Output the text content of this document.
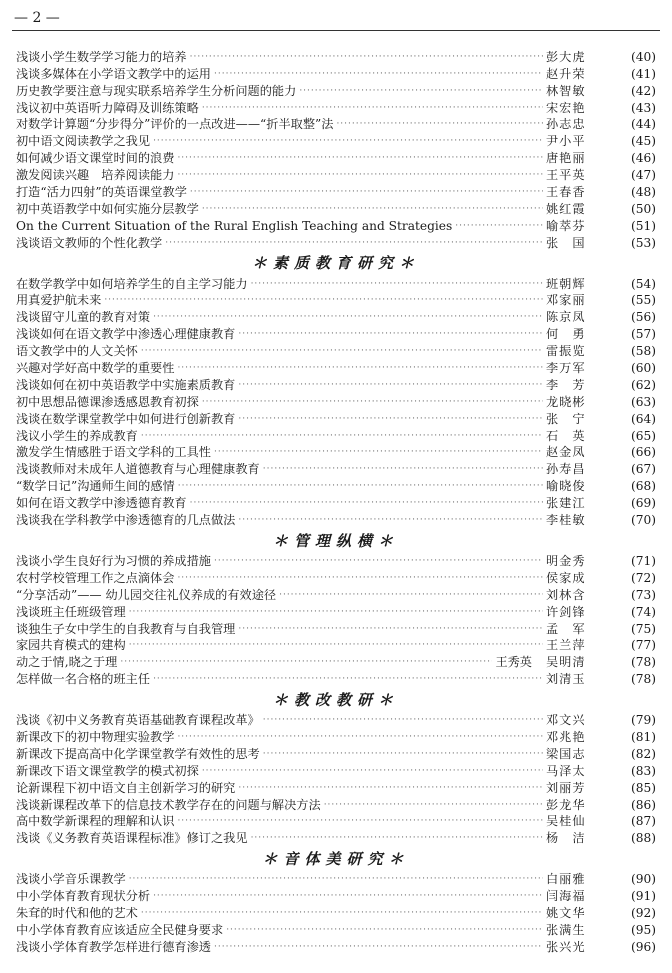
— 2 —
浅谈小学生数学学习能力的培养 ·····	彭大虎	(40)
浅谈多媒体在小学语文教学中的运用 ·····	赵升荣	(41)
历史教学要注意与现实联系培养学生分析问题的能力 ·····	林智敏	(42)
浅议初中英语听力障碍及训练策略 ·····	宋宏艳	(43)
对数学计算题“分步得分”评价的一点改进——“折半取整”法 ·····	孙志忠	(44)
初中语文阅读教学之我见 ·····	尹小平	(45)
如何减少语文课堂时间的浪费 ·····	唐艳丽	(46)
激发阅读兴趣　培养阅读能力 ·····	王平英	(47)
打造“活力四射”的英语课堂教学 ·····	王春香	(48)
初中英语教学中如何实施分层教学 ·····	姚红霞	(50)
On the Current Situation of the Rural English Teaching and Strategies ·····	喻萃芬	(51)
浅谈语文教师的个性化教学 ·····	张　国	(53)
＊素质教育研究＊
在数学教学中如何培养学生的自主学习能力 ·····	班朝辉	(54)
用真爱护航未来 ·····	邓家丽	(55)
浅谈留守儿童的教育对策 ·····	陈京凤	(56)
浅谈如何在语文教学中渗透心理健康教育 ·····	何　勇	(57)
语文教学中的人文关怀 ·····	雷振览	(58)
兴趣对学好高中数学的重要性 ·····	李万军	(60)
浅谈如何在初中英语教学中实施素质教育 ·····	李　芳	(62)
初中思想品德课渗透感恩教育初探 ·····	龙晓彬	(63)
浅谈在数学课堂教学中如何进行创新教育 ·····	张　宁	(64)
浅议小学生的养成教育 ·····	石　英	(65)
激发学生情感胜于语文学科的工具性 ·····	赵金凤	(66)
浅谈教师对未成年人道德教育与心理健康教育 ·····	孙寿昌	(67)
“数学日记”沟通师生间的感情 ·····	喻晓俊	(68)
如何在语文教学中渗透德育教育 ·····	张建江	(69)
浅谈我在学科教学中渗透德育的几点做法 ·····	李桂敏	(70)
＊管理纵横＊
浅谈小学生良好行为习惯的养成措施 ·····	明金秀	(71)
农村学校管理工作之点滴体会 ·····	侯家成	(72)
“分享活动”—— 幼儿园交往礼仪养成的有效途径 ·····	刘林含	(73)
浅谈班主任班级管理 ·····	许剑锋	(74)
谈独生子女中学生的自我教育与自我管理 ·····	孟　军	(75)
家园共育模式的建构 ·····	王兰萍	(77)
动之于情,晓之于理 ·····	王秀英 吴明清	(78)
怎样做一名合格的班主任 ·····	刘清玉	(78)
＊教改教研＊
浅谈《初中义务教育英语基础教育课程改革》 ·····	邓文兴	(79)
新课改下的初中物理实验教学 ·····	邓兆艳	(81)
新课改下提高高中化学课堂教学有效性的思考 ·····	梁国志	(82)
新课改下语文课堂教学的模式初探 ·····	马泽太	(83)
论新课程下初中语文自主创新学习的研究 ·····	刘丽芳	(85)
浅谈新课程改革下的信息技术教学存在的问题与解决方法 ·····	彭龙华	(86)
高中数学新课程的理解和认识 ·····	吴桂仙	(87)
浅谈《义务教育英语课程标准》修订之我见 ·····	杨　洁	(88)
＊音体美研究＊
浅谈小学音乐课教学 ·····	白丽雅	(90)
中小学体育教育现状分析 ·····	闫海福	(91)
朱耷的时代和他的艺术 ·····	姚文华	(92)
中小学体育教育应该适应全民健身要求 ·····	张满生	(95)
浅谈小学体育教学怎样进行德育渗透 ·····	张兴光	(96)
